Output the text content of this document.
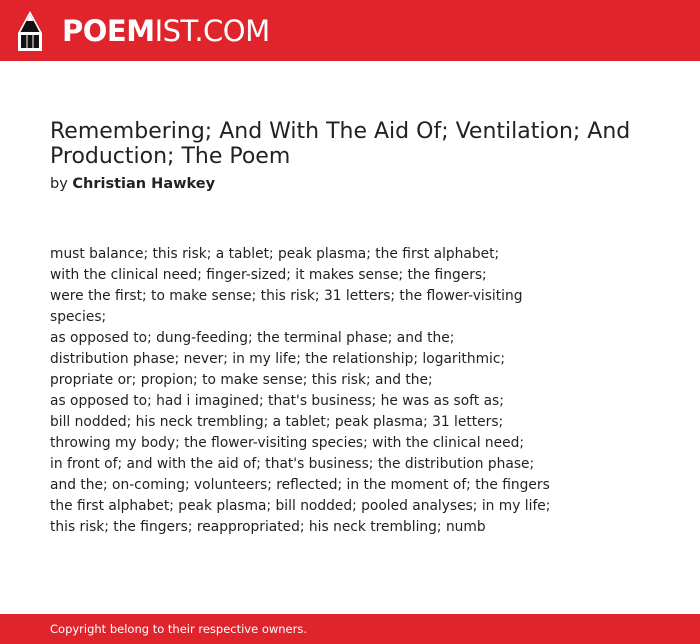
POEMIST.COM
Remembering; And With The Aid Of; Ventilation; And Production; The Poem
by Christian Hawkey
must balance; this risk; a tablet; peak plasma; the first alphabet;
with the clinical need; finger-sized; it makes sense; the fingers;
were the first; to make sense; this risk; 31 letters; the flower-visiting
species;
as opposed to; dung-feeding; the terminal phase; and the;
distribution phase; never; in my life; the relationship; logarithmic;
propriate or; propion; to make sense; this risk; and the;
as opposed to; had i imagined; that's business; he was as soft as;
bill nodded; his neck trembling; a tablet; peak plasma; 31 letters;
throwing my body; the flower-visiting species; with the clinical need;
in front of; and with the aid of; that's business; the distribution phase;
and the; on-coming; volunteers; reflected; in the moment of; the fingers
the first alphabet; peak plasma; bill nodded; pooled analyses; in my life;
this risk; the fingers; reappropriated; his neck trembling; numb
Copyright belong to their respective owners.
